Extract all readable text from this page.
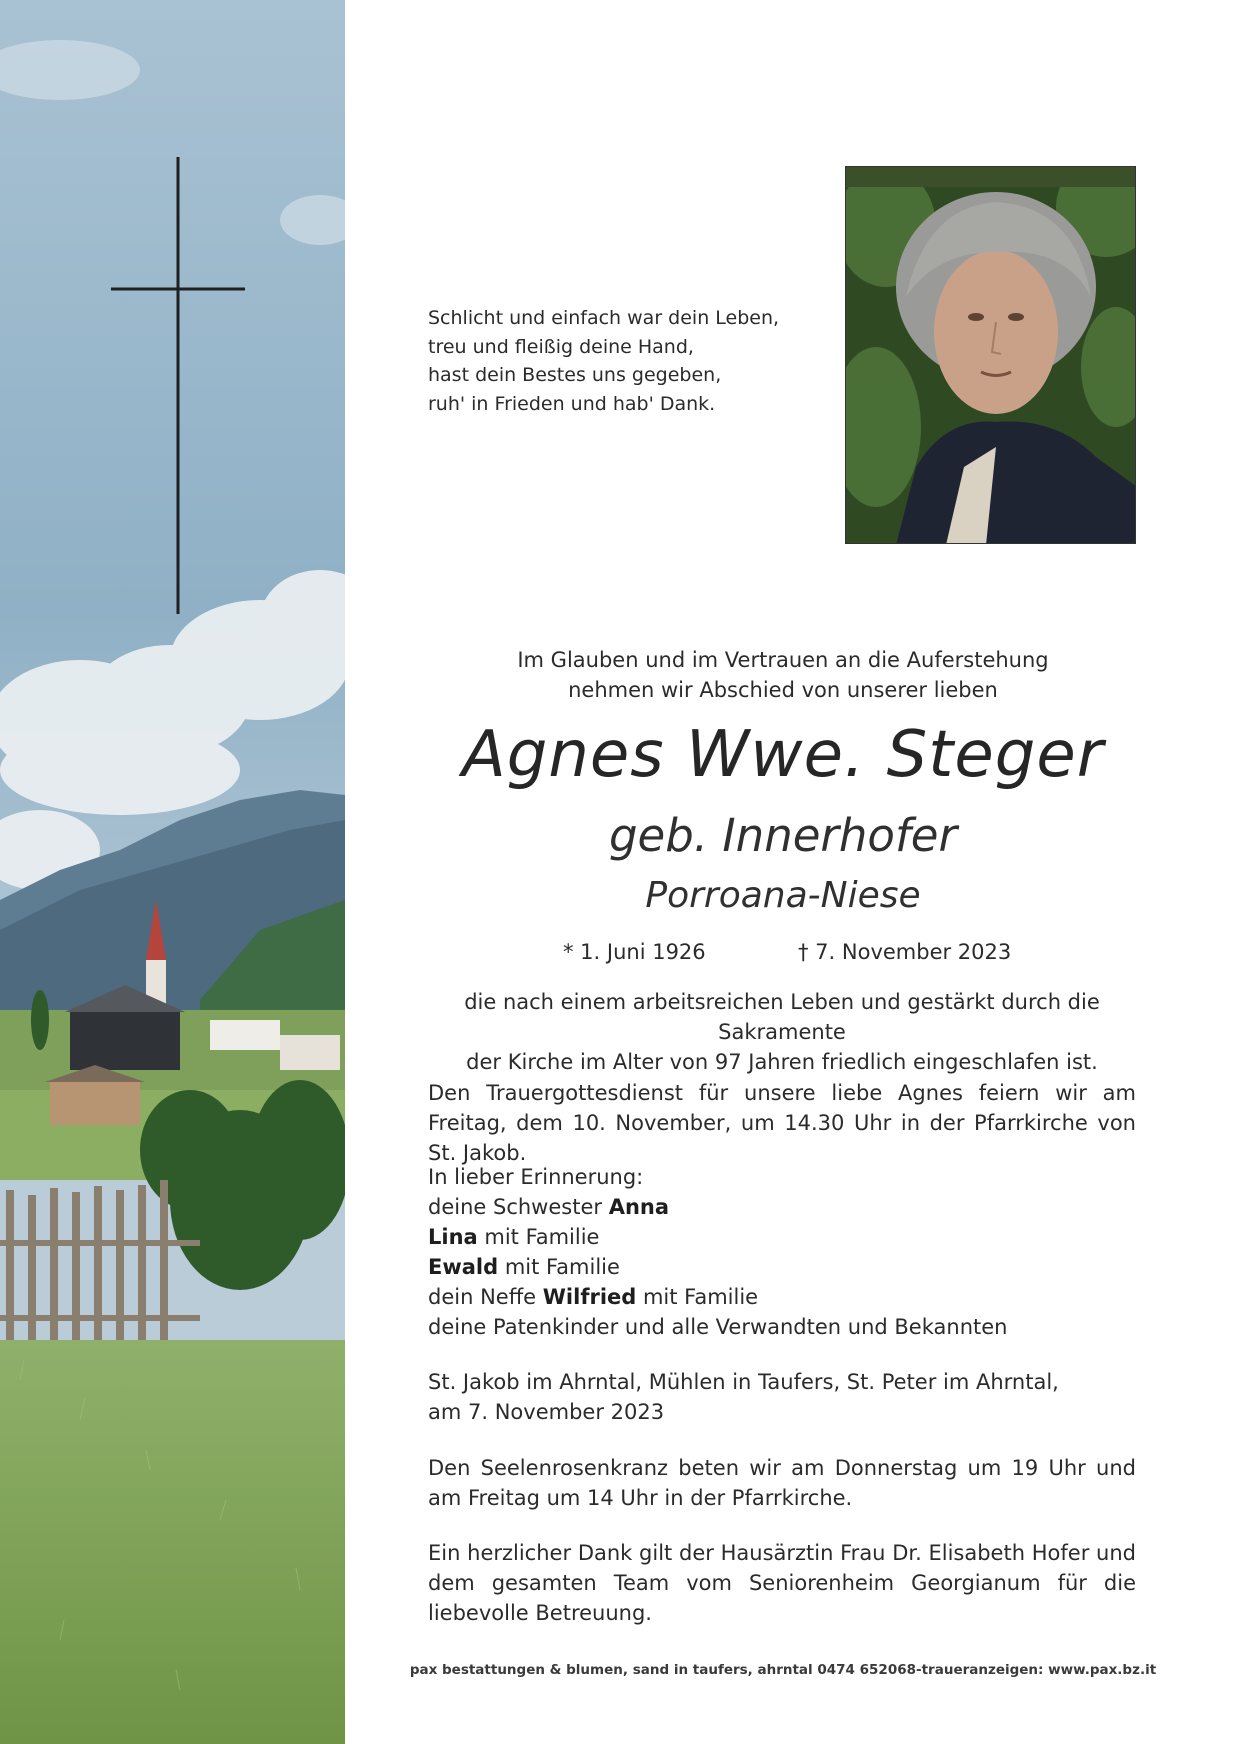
Schlicht und einfach war dein Leben,
treu und fleißig deine Hand,
hast dein Bestes uns gegeben,
ruh' in Frieden und hab' Dank.
Im Glauben und im Vertrauen an die Auferstehung
nehmen wir Abschied von unserer lieben
Agnes Wwe. Steger
geb. Innerhofer
Porroana-Niese
* 1. Juni 1926	† 7. November 2023
die nach einem arbeitsreichen Leben und gestärkt durch die Sakramente
der Kirche im Alter von 97 Jahren friedlich eingeschlafen ist.
Den Trauergottesdienst für unsere liebe Agnes feiern wir am Freitag, dem 10. November, um 14.30 Uhr in der Pfarrkirche von St. Jakob.
In lieber Erinnerung:
deine Schwester Anna
Lina mit Familie
Ewald mit Familie
dein Neffe Wilfried mit Familie
deine Patenkinder und alle Verwandten und Bekannten
St. Jakob im Ahrntal, Mühlen in Taufers, St. Peter im Ahrntal,
am 7. November 2023
Den Seelenrosenkranz beten wir am Donnerstag um 19 Uhr und am Freitag um 14 Uhr in der Pfarrkirche.
Ein herzlicher Dank gilt der Hausärztin Frau Dr. Elisabeth Hofer und dem gesamten Team vom Seniorenheim Georgianum für die liebevolle Betreuung.
pax bestattungen & blumen, sand in taufers, ahrntal 0474 652068-traueranzeigen: www.pax.bz.it
